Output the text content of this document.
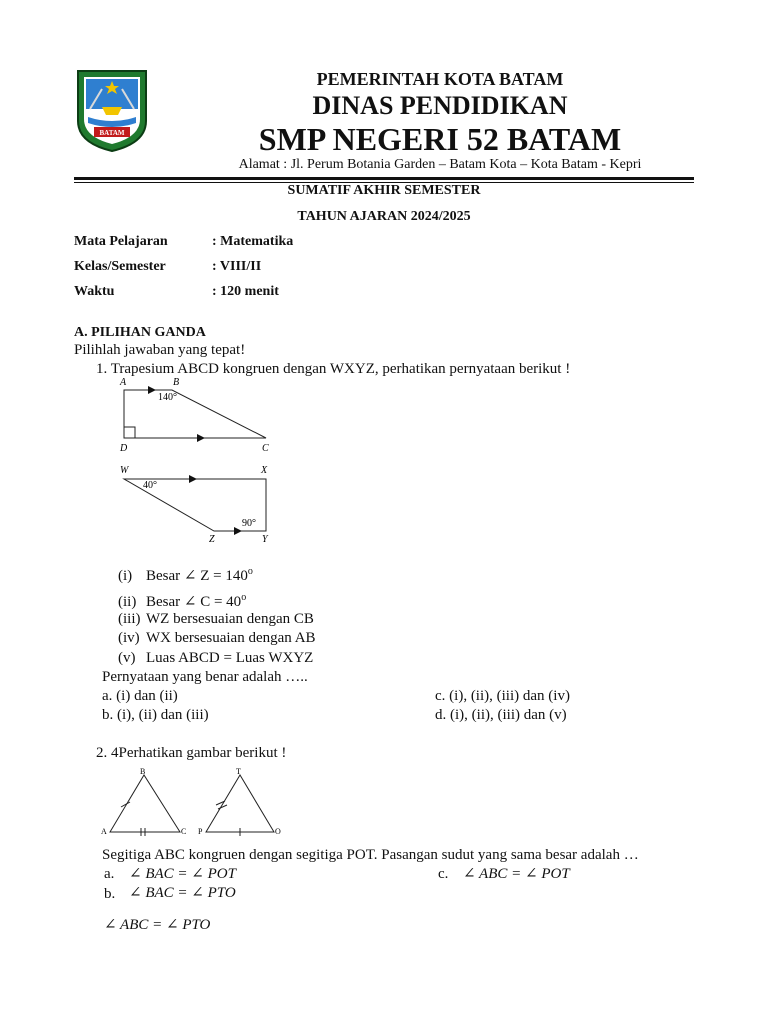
BATAM
PEMERINTAH KOTA BATAM
DINAS PENDIDIKAN
SMP NEGERI 52 BATAM
Alamat : Jl. Perum Botania Garden – Batam Kota – Kota Batam - Kepri
SUMATIF AKHIR SEMESTER
TAHUN AJARAN 2024/2025
Mata Pelajaran	: Matematika
Kelas/Semester	: VIII/II
Waktu	: 120 menit
A. PILIHAN GANDA
Pilihlah jawaban yang tepat!
1. Trapesium ABCD kongruen dengan WXYZ, perhatikan pernyataan berikut !
A	B
C
D
140°
W	X
Y
Z
40°
90°
(i) Besar ∠ $Z = 140^o$
(ii) Besar ∠ $C = 40^o$
(iii) WZ bersesuaian dengan CB
(iv) WX bersesuaian dengan AB
(v) Luas ABCD = Luas WXYZ
Pernyataan yang benar adalah …..
a. (i) dan (ii)	c. (i), (ii), (iii) dan (iv)
b. (i), (ii) dan (iii)	d. (i), (ii), (iii) dan (v)
2. 4Perhatikan gambar berikut !
A
B
C P
T
O
Segitiga ABC kongruen dengan segitiga POT. Pasangan sudut yang sama besar adalah …
a. ∠ BAC = ∠ POT	c. ∠ ABC = ∠ POT
b. ∠ BAC = ∠ PTO
∠ ABC = ∠ PTO
